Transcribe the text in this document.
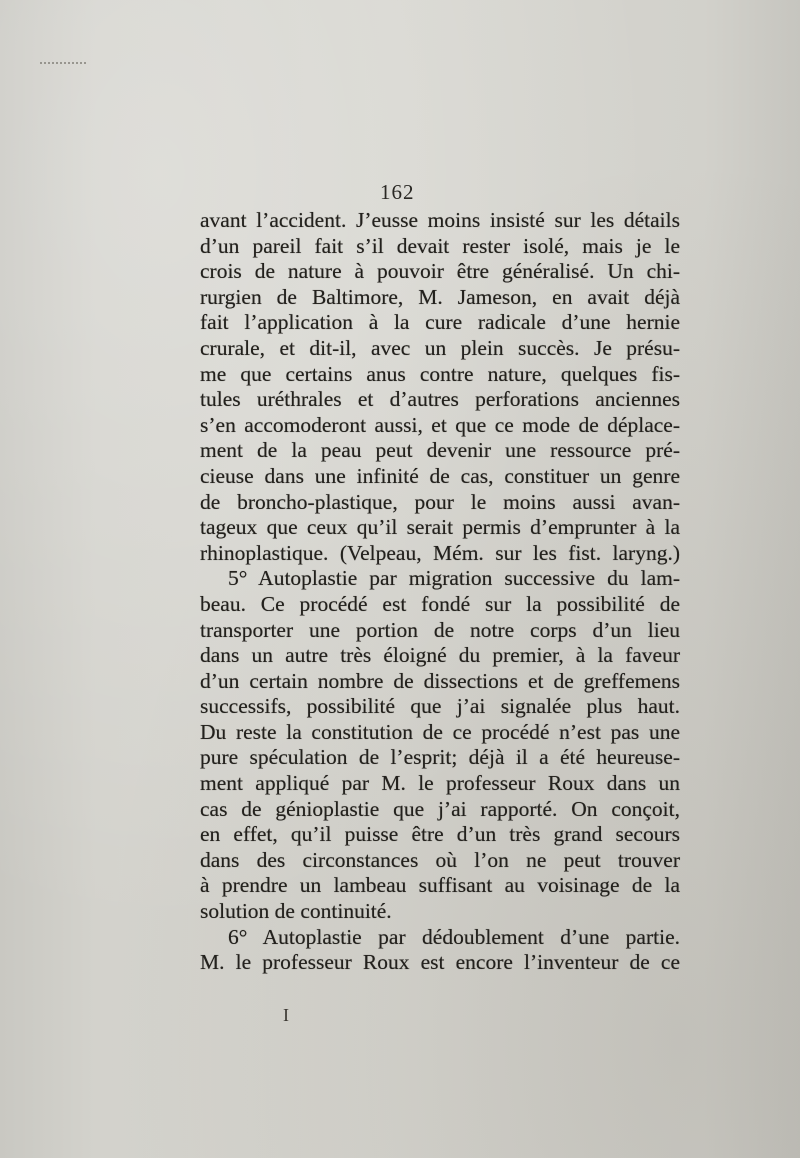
162
avant l’accident. J’eusse moins insisté sur les détails
d’un pareil fait s’il devait rester isolé, mais je le
crois de nature à pouvoir être généralisé. Un chi-
rurgien de Baltimore, M. Jameson, en avait déjà
fait l’application à la cure radicale d’une hernie
crurale, et dit-il, avec un plein succès. Je présu-
me que certains anus contre nature, quelques fis-
tules uréthrales et d’autres perforations anciennes
s’en accomoderont aussi, et que ce mode de déplace-
ment de la peau peut devenir une ressource pré-
cieuse dans une infinité de cas, constituer un genre
de broncho-plastique, pour le moins aussi avan-
tageux que ceux qu’il serait permis d’emprunter à la
rhinoplastique. (Velpeau, Mém. sur les fist. laryng.)
5° Autoplastie par migration successive du lam-
beau. Ce procédé est fondé sur la possibilité de
transporter une portion de notre corps d’un lieu
dans un autre très éloigné du premier, à la faveur
d’un certain nombre de dissections et de greffemens
successifs, possibilité que j’ai signalée plus haut.
Du reste la constitution de ce procédé n’est pas une
pure spéculation de l’esprit; déjà il a été heureuse-
ment appliqué par M. le professeur Roux dans un
cas de génioplastie que j’ai rapporté. On conçoit,
en effet, qu’il puisse être d’un très grand secours
dans des circonstances où l’on ne peut trouver
à prendre un lambeau suffisant au voisinage de la
solution de continuité.
6° Autoplastie par dédoublement d’une partie.
M. le professeur Roux est encore l’inventeur de ce
I
